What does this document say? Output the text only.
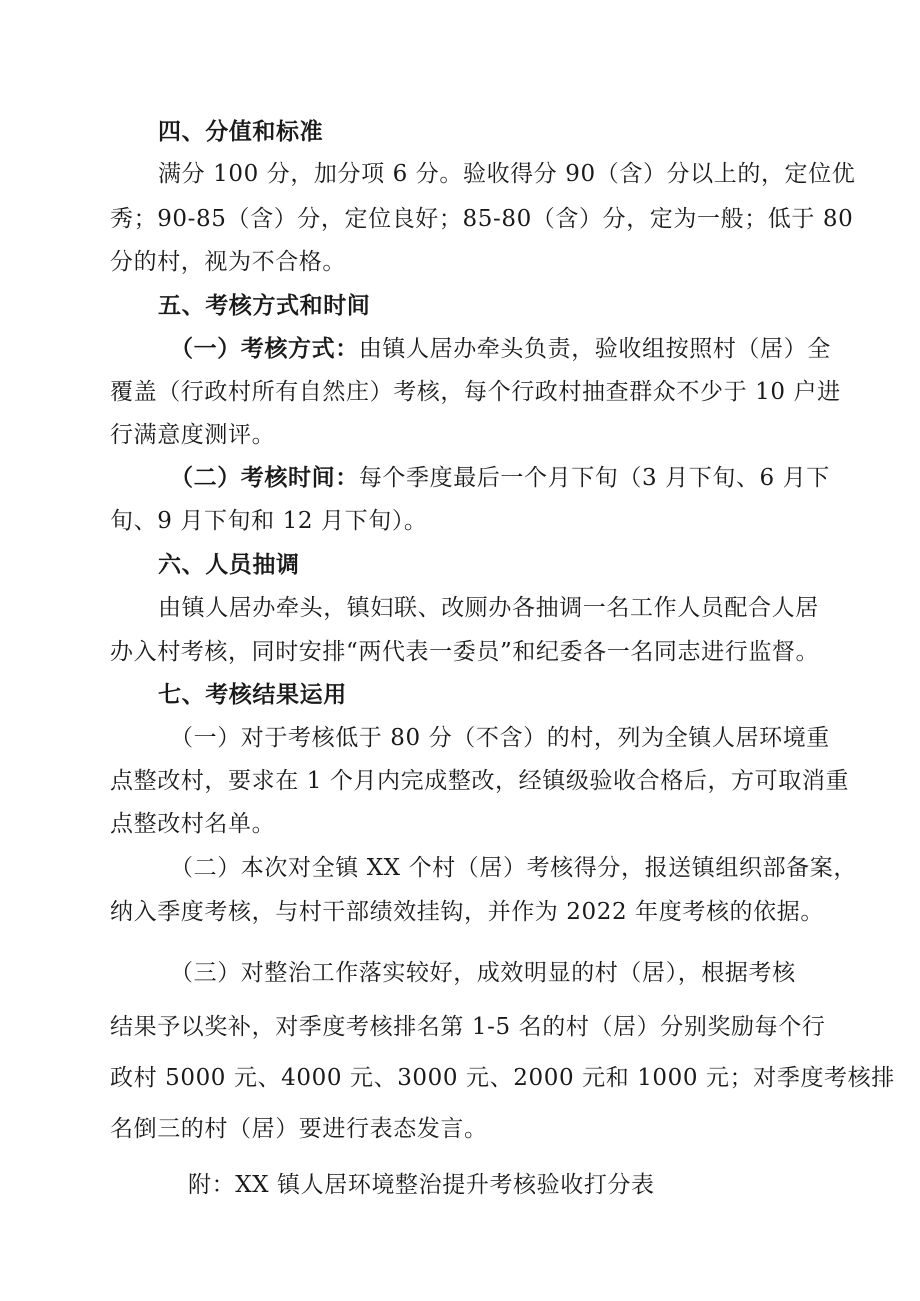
四、分值和标准
满分 100 分，加分项 6 分。验收得分 90（含）分以上的，定位优
秀；90-85（含）分，定位良好；85-80（含）分，定为一般；低于 80
分的村，视为不合格。
五、考核方式和时间
（一）考核方式：由镇人居办牵头负责，验收组按照村（居）全
覆盖（行政村所有自然庄）考核，每个行政村抽查群众不少于 10 户进
行满意度测评。
（二）考核时间：每个季度最后一个月下旬（3 月下旬、6 月下
旬、9 月下旬和 12 月下旬）。
六、人员抽调
由镇人居办牵头，镇妇联、改厕办各抽调一名工作人员配合人居
办入村考核，同时安排“两代表一委员”和纪委各一名同志进行监督。
七、考核结果运用
（一）对于考核低于 80 分（不含）的村，列为全镇人居环境重
点整改村，要求在 1 个月内完成整改，经镇级验收合格后，方可取消重
点整改村名单。
（二）本次对全镇 XX 个村（居）考核得分，报送镇组织部备案，
纳入季度考核，与村干部绩效挂钩，并作为 2022 年度考核的依据。
（三）对整治工作落实较好，成效明显的村（居），根据考核
结果予以奖补，对季度考核排名第 1-5 名的村（居）分别奖励每个行
政村 5000 元、4000 元、3000 元、2000 元和 1000 元；对季度考核排
名倒三的村（居）要进行表态发言。
附：XX 镇人居环境整治提升考核验收打分表
